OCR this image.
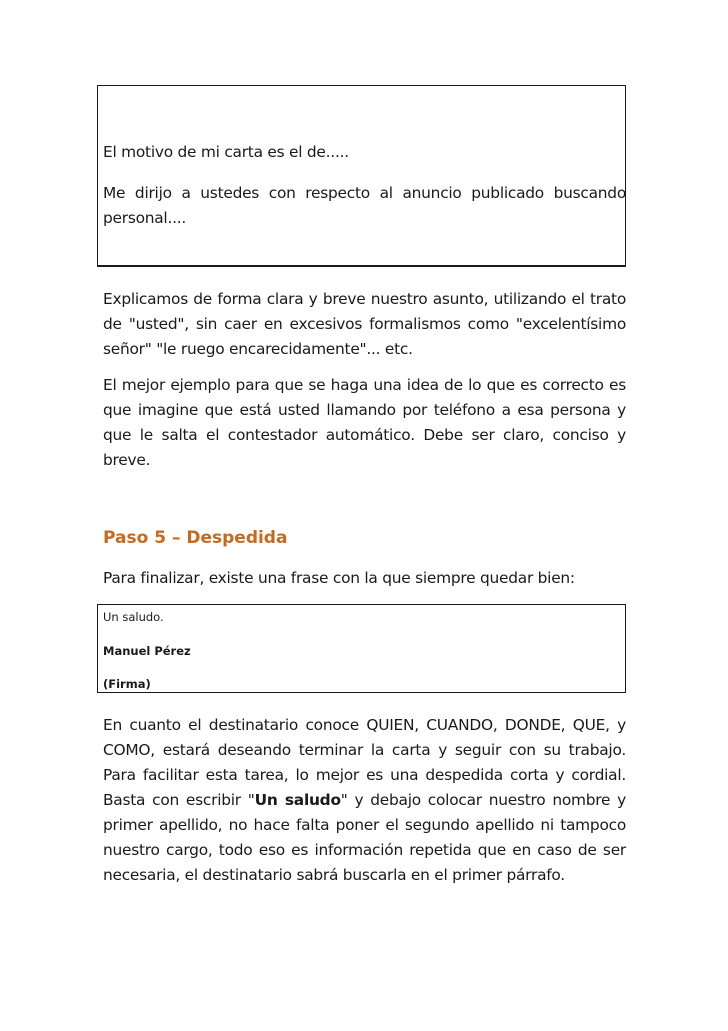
El motivo de mi carta es el de.....

Me dirijo a ustedes con respecto al anuncio publicado buscando personal....

Explicamos de forma clara y breve nuestro asunto, utilizando el trato de "usted", sin caer en excesivos formalismos como "excelentísimo señor" "le ruego encarecidamente"... etc.

El mejor ejemplo para que se haga una idea de lo que es correcto es que imagine que está usted llamando por teléfono a esa persona y que le salta el contestador automático. Debe ser claro, conciso y breve.

Paso 5 – Despedida

Para finalizar, existe una frase con la que siempre quedar bien:

Un saludo.

Manuel Pérez

(Firma)

En cuanto el destinatario conoce QUIEN, CUANDO, DONDE, QUE, y COMO, estará deseando terminar la carta y seguir con su trabajo. Para facilitar esta tarea, lo mejor es una despedida corta y cordial. Basta con escribir "Un saludo" y debajo colocar nuestro nombre y primer apellido, no hace falta poner el segundo apellido ni tampoco nuestro cargo, todo eso es información repetida que en caso de ser necesaria, el destinatario sabrá buscarla en el primer párrafo.
